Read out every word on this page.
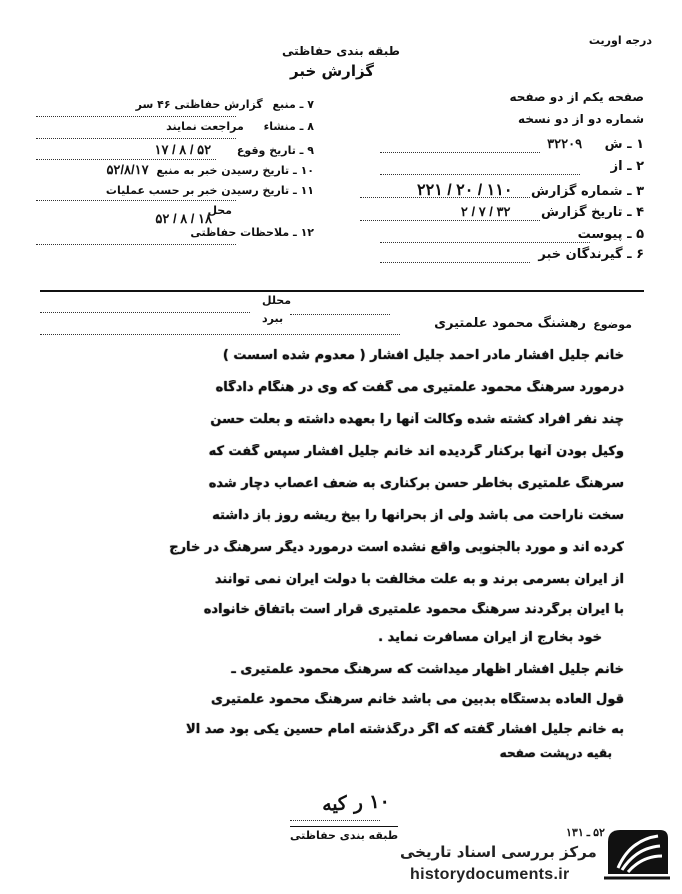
درجه اوریت
طبقه بندی حفاظتی
گزارش خبر
صفحه یکم از دو صفحه
شماره دو از دو نسخه
۱ ـ ش ۳۲۲۰۹
۲ ـ از
۳ ـ شماره گزارش ۱۱۰ / ۲۰ / ۲۲۱
۴ ـ تاریخ گزارش ۳۲ / ۷ / ۲
۵ ـ پیوست
۶ ـ گیرندگان خبر
۷ ـ منبع گزارش حفاظتی ۴۶ سر
۸ ـ منشاء مراجعت نمایند
۹ ـ تاریخ وقوع ۵۲ / ۸ / ۱۷
۱۰ ـ تاریخ رسیدن خبر به منبع ۵۲/۸/۱۷
۱۱ ـ تاریخ رسیدن خبر بر حسب عملیات
محل
۵۲ / ۸ / ۱۸
۱۲ ـ ملاحظات حفاظتی
محلل
ببرد	موضوع
رهشنگ محمود علمتیری
خانم جلیل افشار مادر احمد جلیل افشار ( معدوم شده اسست )
درمورد سرهنگ محمود علمتیری می گفت که وی در هنگام دادگاه
چند نفر افراد کشته شده وکالت آنها را بعهده داشته و بعلت حسن
وکیل بودن آنها برکنار گردیده اند خانم جلیل افشار سپس گفت که
سرهنگ علمتیری بخاطر حسن برکناری به ضعف اعصاب دچار شده
سخت ناراحت می باشد ولی از بحرانها را بیخ ریشه روز باز داشته
کرده اند و مورد بالجنوبی واقع نشده است درمورد دیگر سرهنگ در خارج
از ایران بسرمی برند و به علت مخالفت با دولت ایران نمی توانند
با ایران برگردند سرهنگ محمود علمتیری قرار است باتفاق خانواده
خود بخارج از ایران مسافرت نماید .
خانم جلیل افشار اظهار میداشت که سرهنگ محمود علمتیری ـ
قول العاده بدستگاه بدبین می باشد خانم سرهنگ محمود علمتیری
به خانم جلیل افشار گفته که اگر درگذشته امام حسین یکی بود صد الا
بقیه درپشت صفحه
۱۰ ر کیه
طبقه بندی حفاظتی	۵۲ ـ ۱۳۱
مرکز بررسی اسناد تاریخی
historydocuments.ir
